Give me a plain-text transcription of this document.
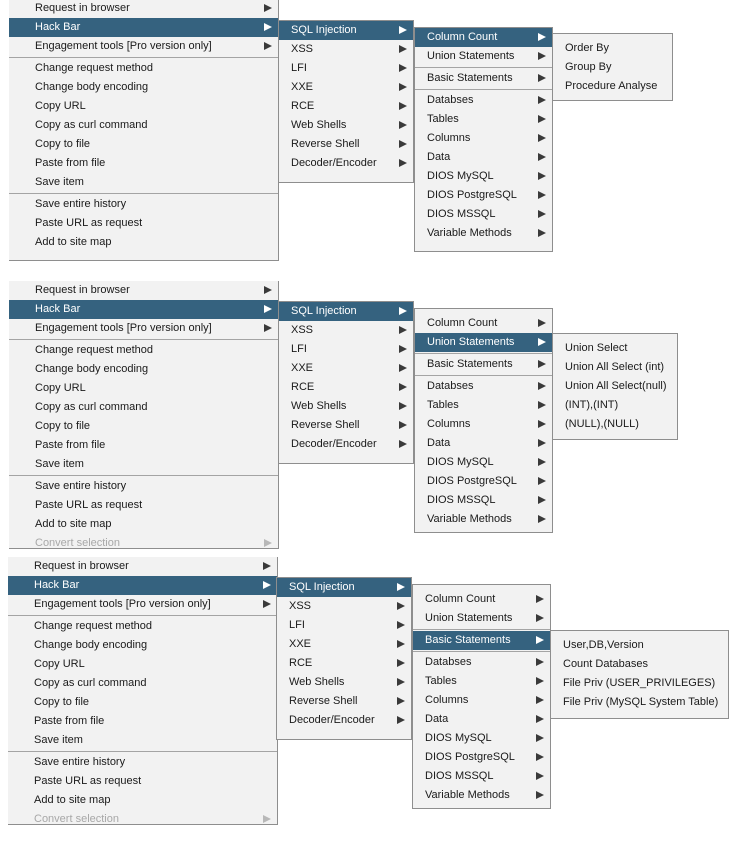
Request in browser
Hack Bar
Engagement tools [Pro version only]
Change request method
Change body encoding
Copy URL
Copy as curl command
Copy to file
Paste from file
Save item
Save entire history
Paste URL as request
Add to site map
SQL Injection
XSS
LFI
XXE
RCE
Web Shells
Reverse Shell
Decoder/Encoder
Column Count
Union Statements
Basic Statements
Databses
Tables
Columns
Data
DIOS MySQL
DIOS PostgreSQL
DIOS MSSQL
Variable Methods
Order By
Group By
Procedure Analyse
Request in browser
Hack Bar
Engagement tools [Pro version only]
Change request method
Change body encoding
Copy URL
Copy as curl command
Copy to file
Paste from file
Save item
Save entire history
Paste URL as request
Add to site map
Convert selection
SQL Injection
XSS
LFI
XXE
RCE
Web Shells
Reverse Shell
Decoder/Encoder
Column Count
Union Statements
Basic Statements
Databses
Tables
Columns
Data
DIOS MySQL
DIOS PostgreSQL
DIOS MSSQL
Variable Methods
Union Select
Union All Select (int)
Union All Select(null)
(INT),(INT)
(NULL),(NULL)
Request in browser
Hack Bar
Engagement tools [Pro version only]
Change request method
Change body encoding
Copy URL
Copy as curl command
Copy to file
Paste from file
Save item
Save entire history
Paste URL as request
Add to site map
Convert selection
SQL Injection
XSS
LFI
XXE
RCE
Web Shells
Reverse Shell
Decoder/Encoder
Column Count
Union Statements
Basic Statements
Databses
Tables
Columns
Data
DIOS MySQL
DIOS PostgreSQL
DIOS MSSQL
Variable Methods
User,DB,Version
Count Databases
File Priv (USER_PRIVILEGES)
File Priv (MySQL System Table)
